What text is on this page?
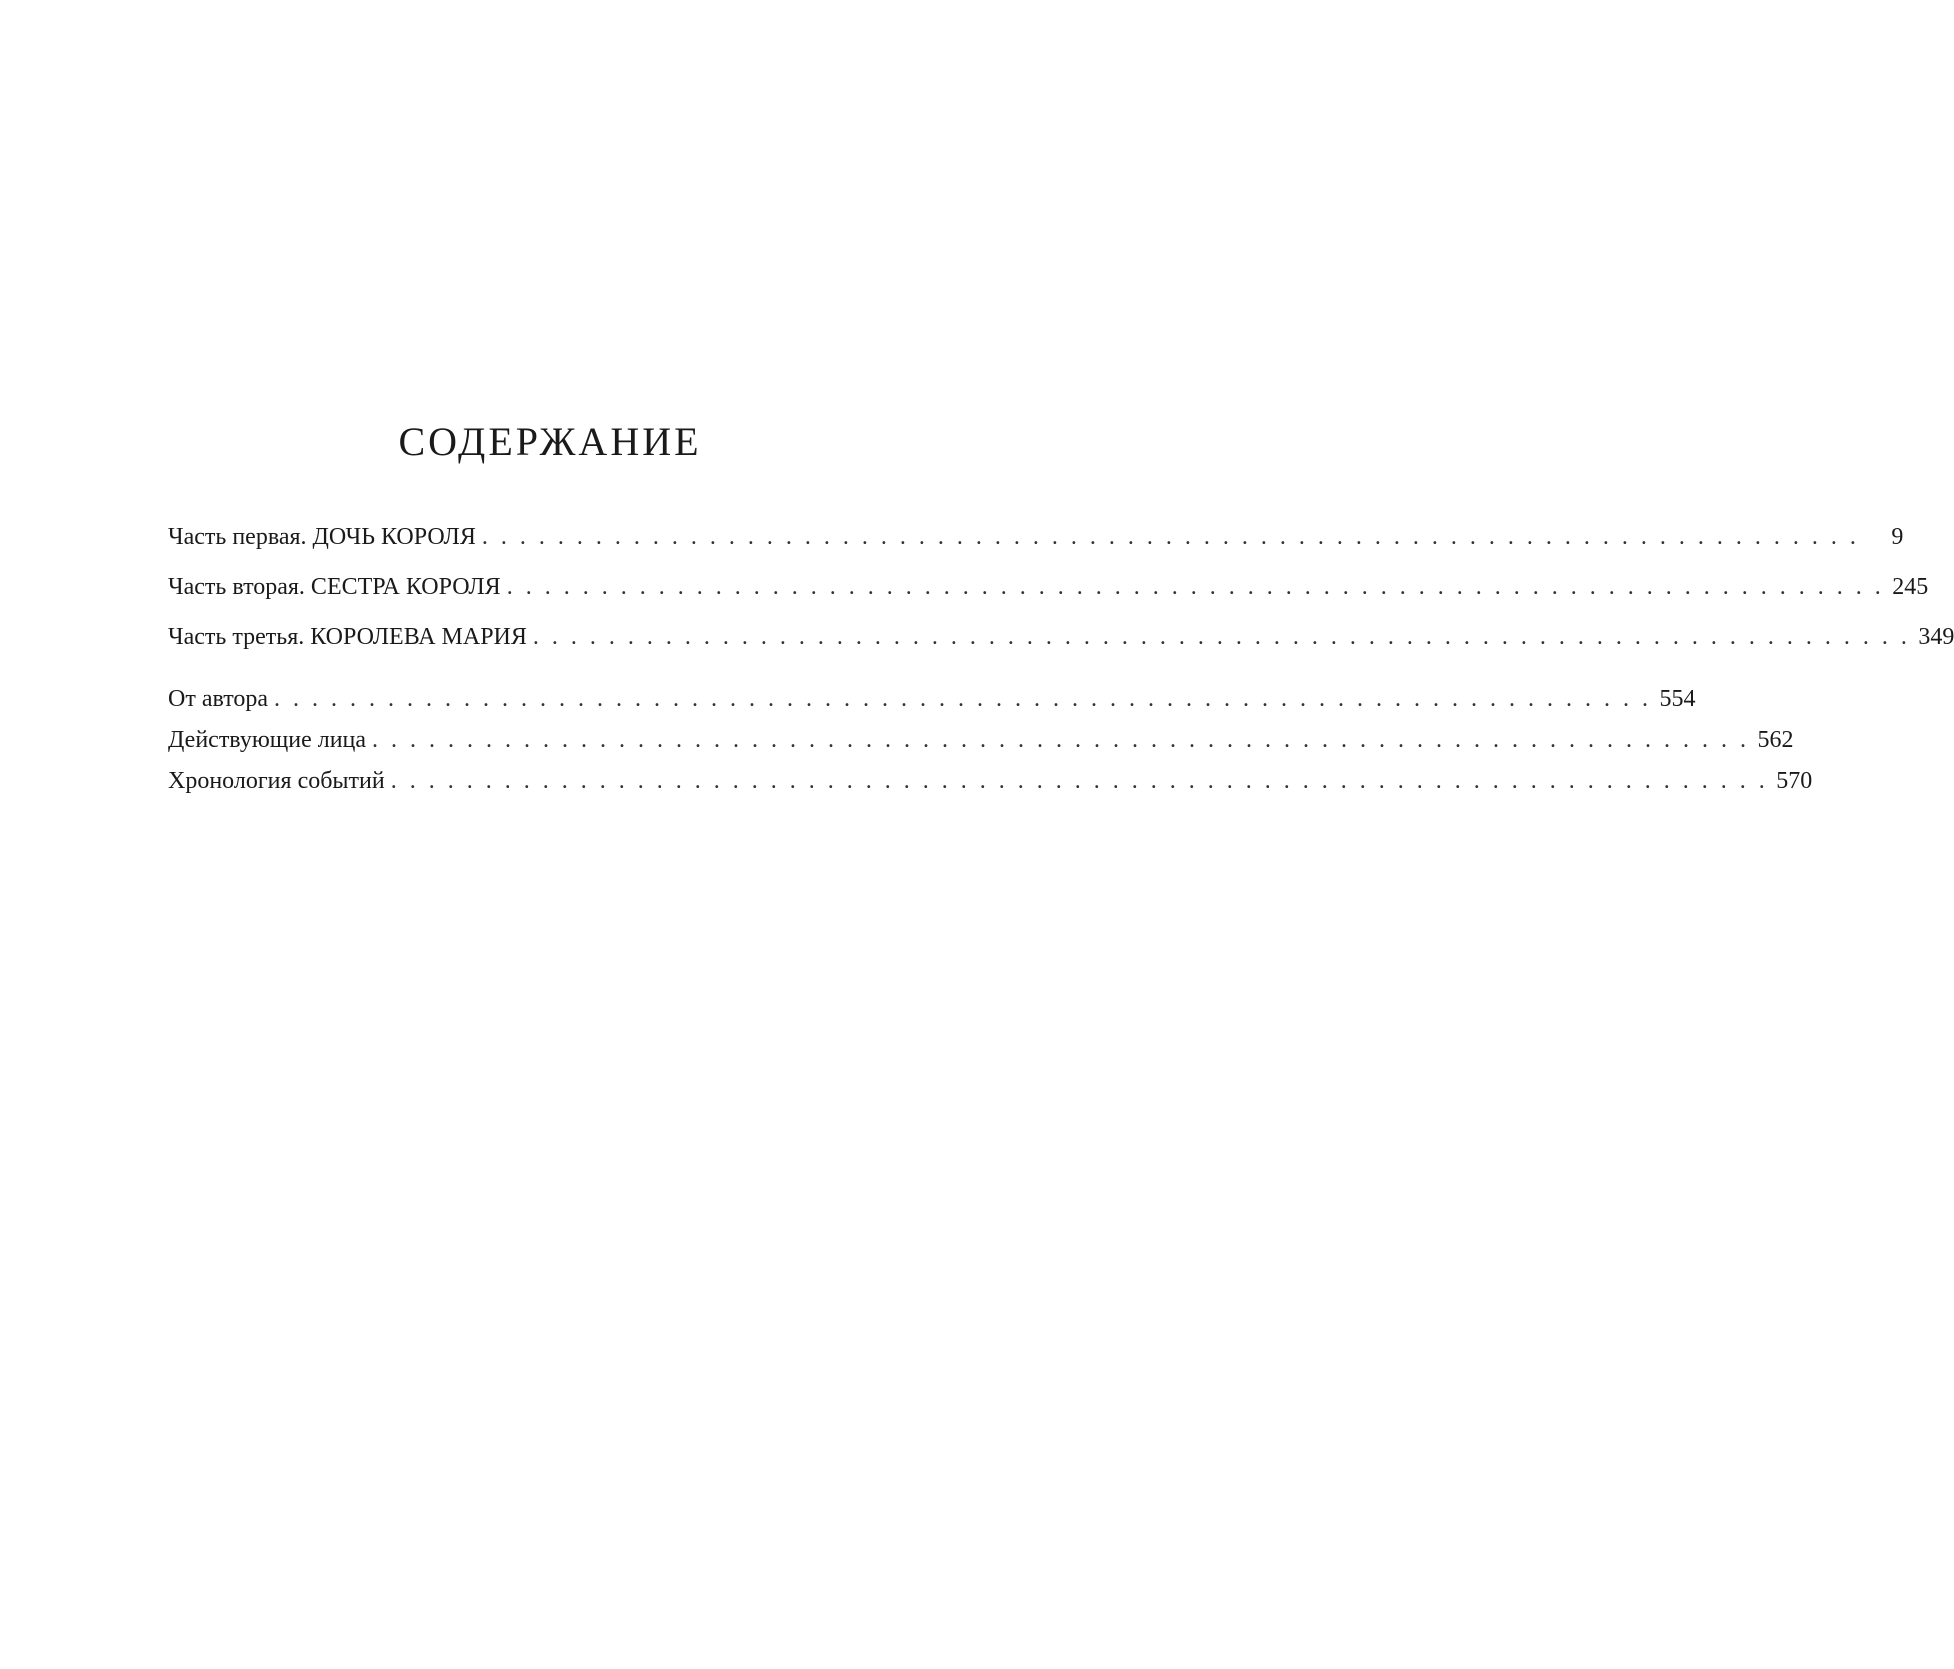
СОДЕРЖАНИЕ
Часть первая. ДОЧЬ КОРОЛЯ . . . . . . . . . . . . . . . . . . . . . . . . . . . . . . . . . . . . . . . . . . . . . . . . . . . . . . . . . . . . . . . . . . . . . . . . .	9
Часть вторая. СЕСТРА КОРОЛЯ . . . . . . . . . . . . . . . . . . . . . . . . . . . . . . . . . . . . . . . . . . . . . . . . . . . . . . . . . . . . . . . . . . . . . . . . . 245
Часть третья. КОРОЛЕВА МАРИЯ . . . . . . . . . . . . . . . . . . . . . . . . . . . . . . . . . . . . . . . . . . . . . . . . . . . . . . . . . . . . . . . . . . . . . . . . . 349
От автора . . . . . . . . . . . . . . . . . . . . . . . . . . . . . . . . . . . . . . . . . . . . . . . . . . . . . . . . . . . . . . . . . . . . . . . . . 554
Действующие лица . . . . . . . . . . . . . . . . . . . . . . . . . . . . . . . . . . . . . . . . . . . . . . . . . . . . . . . . . . . . . . . . . . . . . . . . . 562
Хронология событий . . . . . . . . . . . . . . . . . . . . . . . . . . . . . . . . . . . . . . . . . . . . . . . . . . . . . . . . . . . . . . . . . . . . . . . . . 570
